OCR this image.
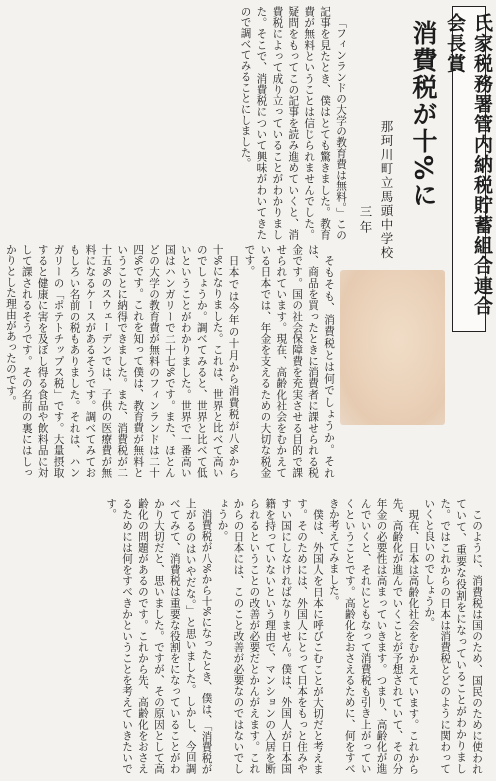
氏家税務署管内納税貯蓄組合連合会長賞
消費税が十%に
那珂川町立馬頭中学校
三年

「フィンランドの大学の教育費は無料。」この記事を見たとき、僕はとても驚きました。教育費が無料ということは信じられませんでした。疑問をもってこの記事を読み進めていくと、消費税によって成り立っていることがわかりました。そこで、消費税について興味がわいてきたので調べてみることにしました。

そもそも、消費税とは何でしょうか。それは、商品を買ったときに消費者に課せられる税金です。国の社会保障費を充実させる目的で課せられています。現在、高齢化社会をむかえている日本では、年金を支えるための大切な税金です。

日本では今年の十月から消費税が八%から十%になりました。これは、世界と比べて高いのでしょうか。調べてみると、世界と比べて低いということがわかりました。世界で一番高い国はハンガリーで二十七%です。また、ほとんどの大学の教育費が無料のフィンランドは二十四%です。これを知って僕は、教育費が無料ということに納得できました。また、消費税が二十五%のスウェーデンでは、子供の医療費が無料になるケースがあるそうです。調べてみておもしろい名前の税もありました。それは、ハンガリーの「ポテトチップス税」です。大量摂取すると健康に害を及ぼし得る食品や飲料品に対して課されるそうです。その名前の裏にはしっかりとした理由があったのです。

このように、消費税は国のため、国民のために使われていて、重要な役割をになっていることがわかりました。ではこれからの日本は消費税とどのように関わっていくと良いのでしょうか。

現在、日本は高齢化社会をむかえています。これから先、高齢化が進んでいくことが予想されていて、その分年金の必要性は高まっていきます。つまり、高齢化が進んでいくと、それにともなって消費税も引き上がっていくということです。高齢化をおさえるために、何をすべきか考えてみました。

僕は、外国人を日本に呼びこむことが大切だと考えます。そのためには、外国人にとって日本をもっと住みやすい国にしなければなりません。僕は、外国人が日本国籍を持っていないという理由で、マンションの入居を断られるということの改善が必要だとかんがえます。これからの日本には、このこと改善が必要なのではないでしょうか。

消費税が八%から十%になったとき、僕は、「消費税が上がるのはいやだな。」と思いました。しかし、今回調べてみて、消費税は重要な役割をになっていることがわかり大切だと、思いました。ですが、その原因として高齢化の問題があるのです。これから先、高齢化をおさえるためには何をすべきかということを考えていきたいです。
